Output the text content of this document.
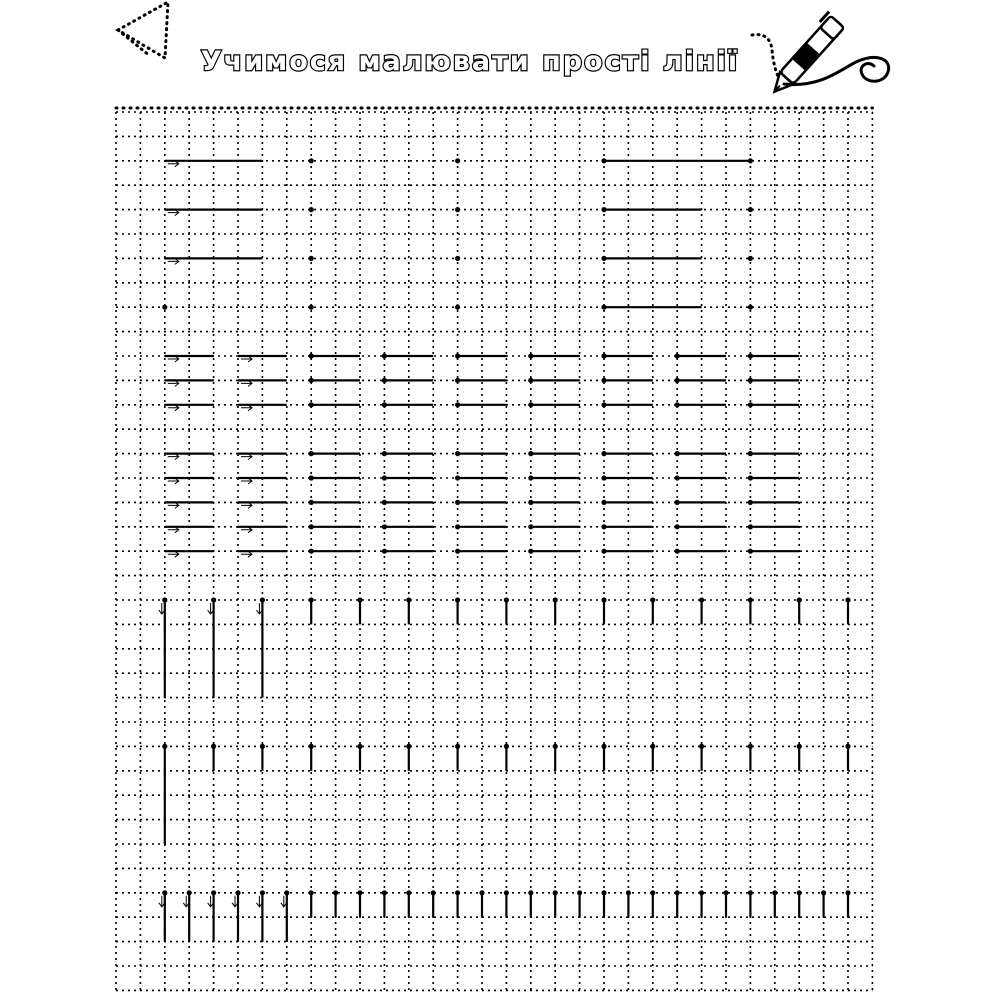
Учимося малювати прості лінії
